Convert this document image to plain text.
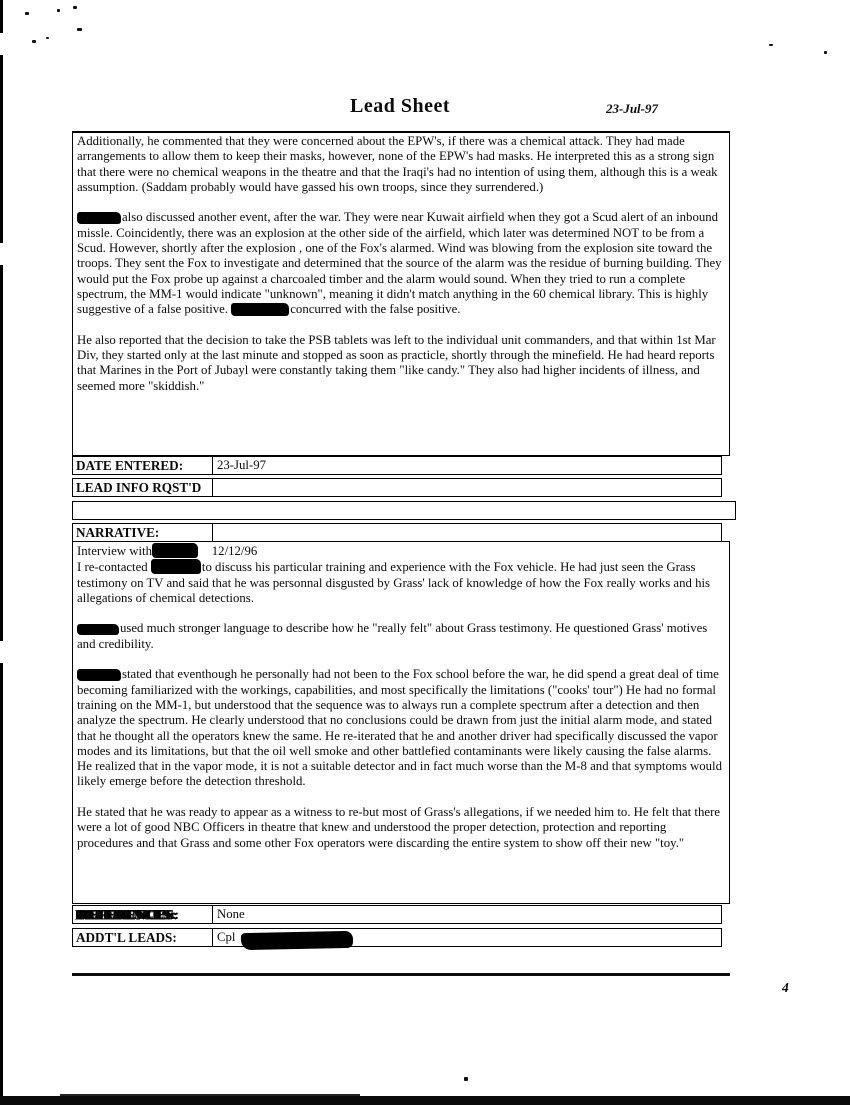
Lead Sheet	23-Jul-97

Additionally, he commented that they were concerned about the EPW's, if there was a chemical attack. They had made arrangements to allow them to keep their masks, however, none of the EPW's had masks. He interpreted this as a strong sign that there were no chemical weapons in the theatre and that the Iraqi's had no intention of using them, although this is a weak assumption. (Saddam probably would have gassed his own troops, since they surrendered.)

also discussed another event, after the war. They were near Kuwait airfield when they got a Scud alert of an inbound missle. Coincidently, there was an explosion at the other side of the airfield, which later was determined NOT to be from a Scud. However, shortly after the explosion , one of the Fox's alarmed. Wind was blowing from the explosion site toward the troops. They sent the Fox to investigate and determined that the source of the alarm was the residue of burning building. They would put the Fox probe up against a charcoaled timber and the alarm would sound. When they tried to run a complete spectrum, the MM-1 would indicate "unknown", meaning it didn't match anything in the 60 chemical library. This is highly suggestive of a false positive.	concurred with the false positive.

He also reported that the decision to take the PSB tablets was left to the individual unit commanders, and that within 1st Mar Div, they started only at the last minute and stopped as soon as practicle, shortly through the minefield. He had heard reports that Marines in the Port of Jubayl were constantly taking them "like candy." They also had higher incidents of illness, and seemed more "skiddish."

DATE ENTERED:	23-Jul-97
LEAD INFO RQST'D
NARRATIVE:

Interview with	12/12/96

I re-contacted	to discuss his particular training and experience with the Fox vehicle. He had just seen the Grass testimony on TV and said that he was personnal disgusted by Grass' lack of knowledge of how the Fox really works and his allegations of chemical detections.

used much stronger language to describe how he "really felt" about Grass testimony. He questioned Grass' motives and credibility.

stated that eventhough he personally had not been to the Fox school before the war, he did spend a great deal of time becoming familiarized with the workings, capabilities, and most specifically the limitations ("cooks' tour") He had no formal training on the MM-1, but understood that the sequence was to always run a complete spectrum after a detection and then analyze the spectrum. He clearly understood that no conclusions could be drawn from just the initial alarm mode, and stated that he thought all the operators knew the same. He re-iterated that he and another driver had specifically discussed the vapor modes and its limitations, but that the oil well smoke and other battlefied contaminants were likely causing the false alarms. He realized that in the vapor mode, it is not a suitable detector and in fact much worse than the M-8 and that symptoms would likely emerge before the detection threshold.

He stated that he was ready to appear as a witness to re-but most of Grass's allegations, if we needed him to. He felt that there were a lot of good NBC Officers in theatre that knew and understood the proper detection, protection and reporting procedures and that Grass and some other Fox operators were discarding the entire system to show off their new "toy."

REFERENCES:	None
ADDT'L LEADS:	Cpl
4
